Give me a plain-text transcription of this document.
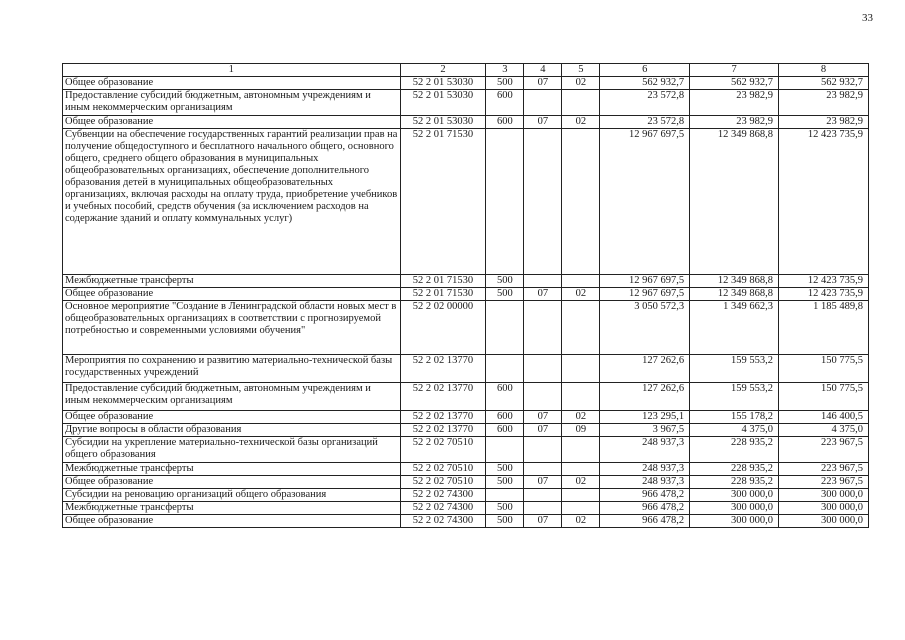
33
1	2	3	4	5	6	7	8
Общее образование	52 2 01 53030	500	07	02	562 932,7	562 932,7	562 932,7
Предоставление субсидий бюджетным, автономным учреждениям и иным некоммерческим организациям	52 2 01 53030	600			23 572,8	23 982,9	23 982,9
Общее образование	52 2 01 53030	600	07	02	23 572,8	23 982,9	23 982,9
Субвенции на обеспечение государственных гарантий реализации прав на получение общедоступного и бесплатного начального общего, основного общего, среднего общего образования в муниципальных общеобразовательных организациях, обеспечение дополнительного образования детей в муниципальных общеобразовательных организациях, включая расходы на оплату труда, приобретение учебников и учебных пособий, средств обучения (за исключением расходов на содержание зданий и оплату коммунальных услуг)	52 2 01 71530				12 967 697,5	12 349 868,8	12 423 735,9
Межбюджетные трансферты	52 2 01 71530	500			12 967 697,5	12 349 868,8	12 423 735,9
Общее образование	52 2 01 71530	500	07	02	12 967 697,5	12 349 868,8	12 423 735,9
Основное мероприятие "Создание в Ленинградской области новых мест в общеобразовательных организациях в соответствии с прогнозируемой потребностью и современными условиями обучения"	52 2 02 00000				3 050 572,3	1 349 662,3	1 185 489,8
Мероприятия по сохранению и развитию материально-технической базы государственных учреждений	52 2 02 13770				127 262,6	159 553,2	150 775,5
Предоставление субсидий бюджетным, автономным учреждениям и иным некоммерческим организациям	52 2 02 13770	600			127 262,6	159 553,2	150 775,5
Общее образование	52 2 02 13770	600	07	02	123 295,1	155 178,2	146 400,5
Другие вопросы в области образования	52 2 02 13770	600	07	09	3 967,5	4 375,0	4 375,0
Субсидии на укрепление материально-технической базы организаций общего образования	52 2 02 70510				248 937,3	228 935,2	223 967,5
Межбюджетные трансферты	52 2 02 70510	500			248 937,3	228 935,2	223 967,5
Общее образование	52 2 02 70510	500	07	02	248 937,3	228 935,2	223 967,5
Субсидии на реновацию организаций общего образования	52 2 02 74300				966 478,2	300 000,0	300 000,0
Межбюджетные трансферты	52 2 02 74300	500			966 478,2	300 000,0	300 000,0
Общее образование	52 2 02 74300	500	07	02	966 478,2	300 000,0	300 000,0
